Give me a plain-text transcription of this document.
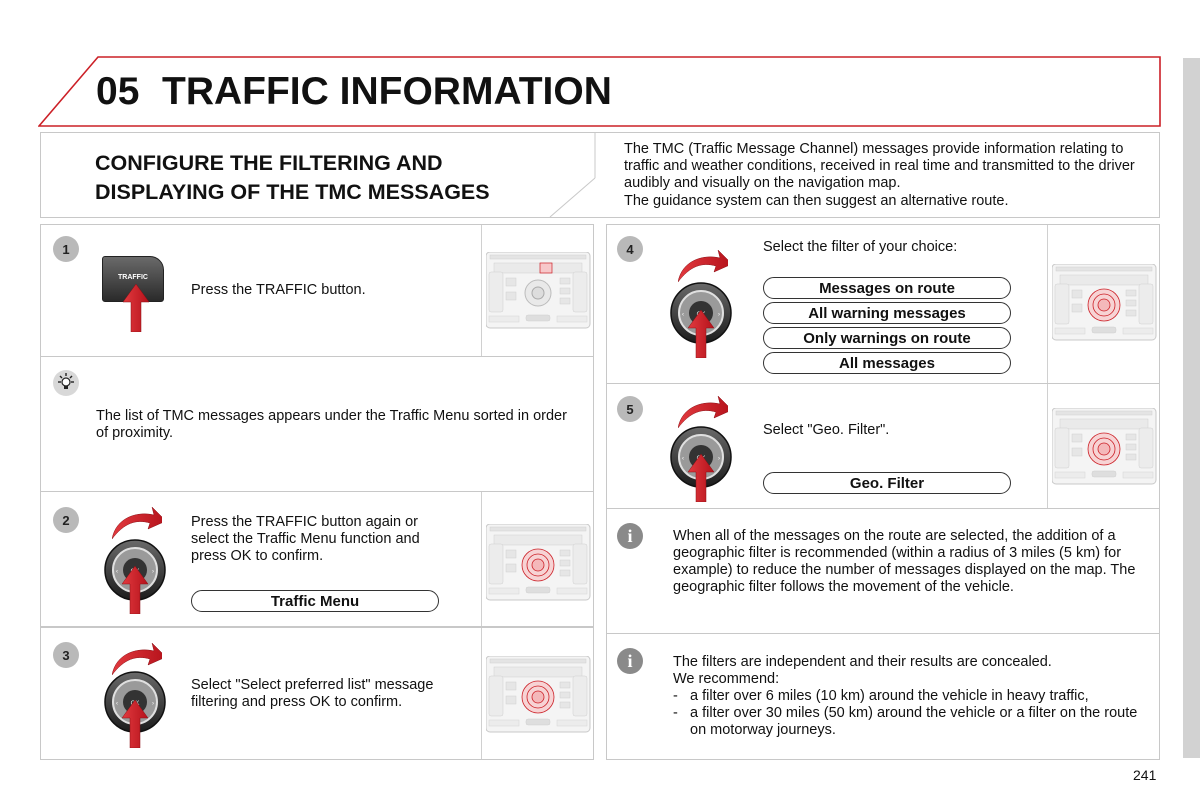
05 TRAFFIC INFORMATION
CONFIGURE THE FILTERING AND
DISPLAYING OF THE TMC MESSAGES
The TMC (Traffic Message Channel) messages provide information relating to traffic and weather conditions, received in real time and transmitted to the driver audibly and visually on the navigation map.
The guidance system can then suggest an alternative route.
1
TRAFFIC
Press the TRAFFIC button.
The list of TMC messages appears under the Traffic Menu sorted in order of proximity.
2	Press the TRAFFIC button again or select the Traffic Menu function and press OK to confirm.
Traffic Menu
3
Select "Select preferred list" message filtering and press OK to confirm.
4	Select the filter of your choice:
Messages on route
All warning messages
Only warnings on route
All messages
5
Select "Geo. Filter".
Geo. Filter
i	When all of the messages on the route are selected, the addition of a geographic filter is recommended (within a radius of 3 miles (5 km) for example) to reduce the number of messages displayed on the map. The geographic filter follows the movement of the vehicle.
i	The filters are independent and their results are concealed.
We recommend:
- a filter over 6 miles (10 km) around the vehicle in heavy traffic,
- a filter over 30 miles (50 km) around the vehicle or a filter on the route on motorway journeys.
241
